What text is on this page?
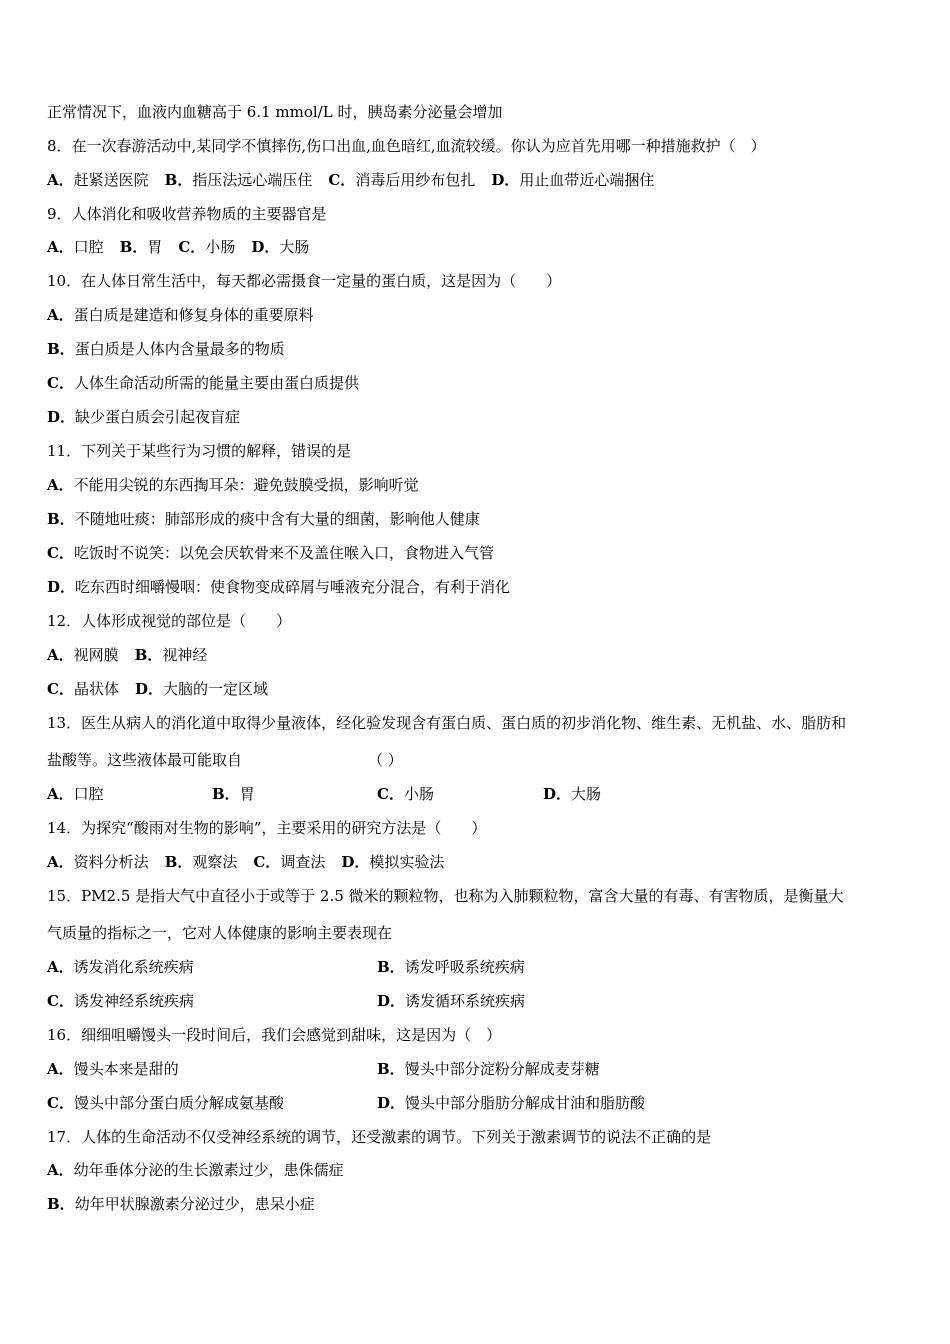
正常情况下，血液内血糖高于 6.1 mmol/L 时，胰岛素分泌量会增加
8．在一次春游活动中,某同学不慎摔伤,伤口出血,血色暗红,血流较缓。你认为应首先用哪一种措施救护（　）
A．赶紧送医院 B．指压法远心端压住 C．消毒后用纱布包扎 D．用止血带近心端捆住
9．人体消化和吸收营养物质的主要器官是
A．口腔 B．胃 C．小肠 D．大肠
10．在人体日常生活中，每天都必需摄食一定量的蛋白质，这是因为（　　）
A．蛋白质是建造和修复身体的重要原料
B．蛋白质是人体内含量最多的物质
C．人体生命活动所需的能量主要由蛋白质提供
D．缺少蛋白质会引起夜盲症
11．下列关于某些行为习惯的解释，错误的是
A．不能用尖锐的东西掏耳朵：避免鼓膜受损，影响听觉
B．不随地吐痰：肺部形成的痰中含有大量的细菌，影响他人健康
C．吃饭时不说笑：以免会厌软骨来不及盖住喉入口，食物进入气管
D．吃东西时细嚼慢咽：使食物变成碎屑与唾液充分混合，有利于消化
12．人体形成视觉的部位是（　　）
A．视网膜 B．视神经
C．晶状体 D．大脑的一定区域
13．医生从病人的消化道中取得少量液体，经化验发现含有蛋白质、蛋白质的初步消化物、维生素、无机盐、水、脂肪和
盐酸等。这些液体最可能取自	（ ）
A．口腔	B．胃	C．小肠	D．大肠
14．为探究“酸雨对生物的影响”，主要采用的研究方法是（　　）
A．资料分析法 B．观察法 C．调查法 D．模拟实验法
15．PM2.5 是指大气中直径小于或等于 2.5 微米的颗粒物，也称为入肺颗粒物，富含大量的有毒、有害物质，是衡量大
气质量的指标之一，它对人体健康的影响主要表现在
A．诱发消化系统疾病	B．诱发呼吸系统疾病
C．诱发神经系统疾病	D．诱发循环系统疾病
16．细细咀嚼馒头一段时间后，我们会感觉到甜味，这是因为（　）
A．馒头本来是甜的	B．馒头中部分淀粉分解成麦芽糖
C．馒头中部分蛋白质分解成氨基酸	D．馒头中部分脂肪分解成甘油和脂肪酸
17．人体的生命活动不仅受神经系统的调节，还受激素的调节。下列关于激素调节的说法不正确的是
A．幼年垂体分泌的生长激素过少，患侏儒症
B．幼年甲状腺激素分泌过少，患呆小症
